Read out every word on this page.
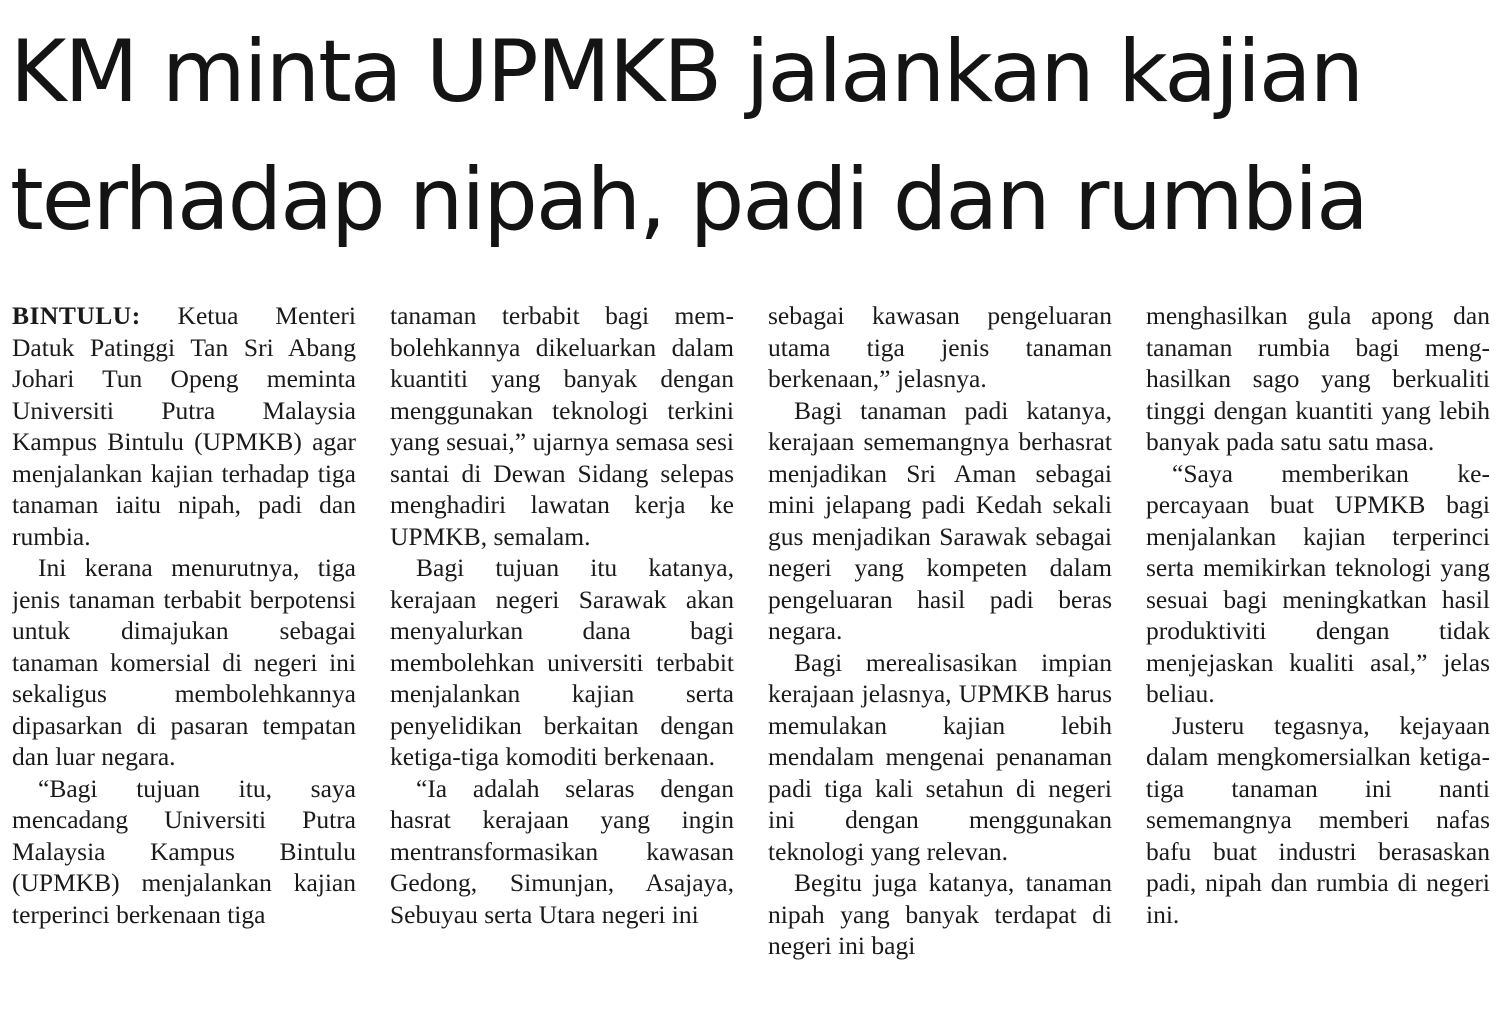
KM minta UPMKB jalankan kajian
terhadap nipah, padi dan rumbia

BINTULU: Ketua Menteri Datuk Patinggi Tan Sri Abang Johari Tun Openg meminta Universiti Putra Malaysia Kampus Bintulu (UPMKB) agar menjalankan kajian terhadap tiga tanaman iaitu nipah, padi dan rumbia.

Ini kerana menurutnya, tiga jenis tanaman terbabit berpotensi untuk dimajukan sebagai tanaman komersial di negeri ini sekaligus membolehkannya dipasarkan di pasaran tempatan dan luar negara.

“Bagi tujuan itu, saya mencadang Universiti Putra Malaysia Kampus Bintulu (UPMKB) menjalankan kajian terperinci berkenaan tiga

tanaman terbabit bagi membolehkannya dikeluarkan dalam kuantiti yang banyak dengan menggunakan teknologi terkini yang sesuai,” ujarnya semasa sesi santai di Dewan Sidang selepas menghadiri lawatan kerja ke UPMKB, semalam.

Bagi tujuan itu katanya, kerajaan negeri Sarawak akan menyalurkan dana bagi membolehkan universiti terbabit menjalankan kajian serta penyelidikan berkaitan dengan ketiga-tiga komoditi berkenaan.

“Ia adalah selaras dengan hasrat kerajaan yang ingin mentransformasikan kawasan Gedong, Simunjan, Asajaya, Sebuyau serta Utara negeri ini

sebagai kawasan pengeluaran utama tiga jenis tanaman berkenaan,” jelasnya.

Bagi tanaman padi katanya, kerajaan sememangnya berhasrat menjadikan Sri Aman sebagai mini jelapang padi Kedah sekali gus menjadikan Sarawak sebagai negeri yang kompeten dalam pengeluaran hasil padi beras negara.

Bagi merealisasikan impian kerajaan jelasnya, UPMKB harus memulakan kajian lebih mendalam mengenai penanaman padi tiga kali setahun di negeri ini dengan menggunakan teknologi yang relevan.

Begitu juga katanya, tanaman nipah yang banyak terdapat di negeri ini bagi

menghasilkan gula apong dan tanaman rumbia bagi menghasilkan sago yang berkualiti tinggi dengan kuantiti yang lebih banyak pada satu satu masa.

“Saya memberikan kepercayaan buat UPMKB bagi menjalankan kajian terperinci serta memikirkan teknologi yang sesuai bagi meningkatkan hasil produktiviti dengan tidak menjejaskan kualiti asal,” jelas beliau.

Justeru tegasnya, kejayaan dalam mengkomersialkan ketiga-tiga tanaman ini nanti sememangnya memberi nafas bafu buat industri berasaskan padi, nipah dan rumbia di negeri ini.
